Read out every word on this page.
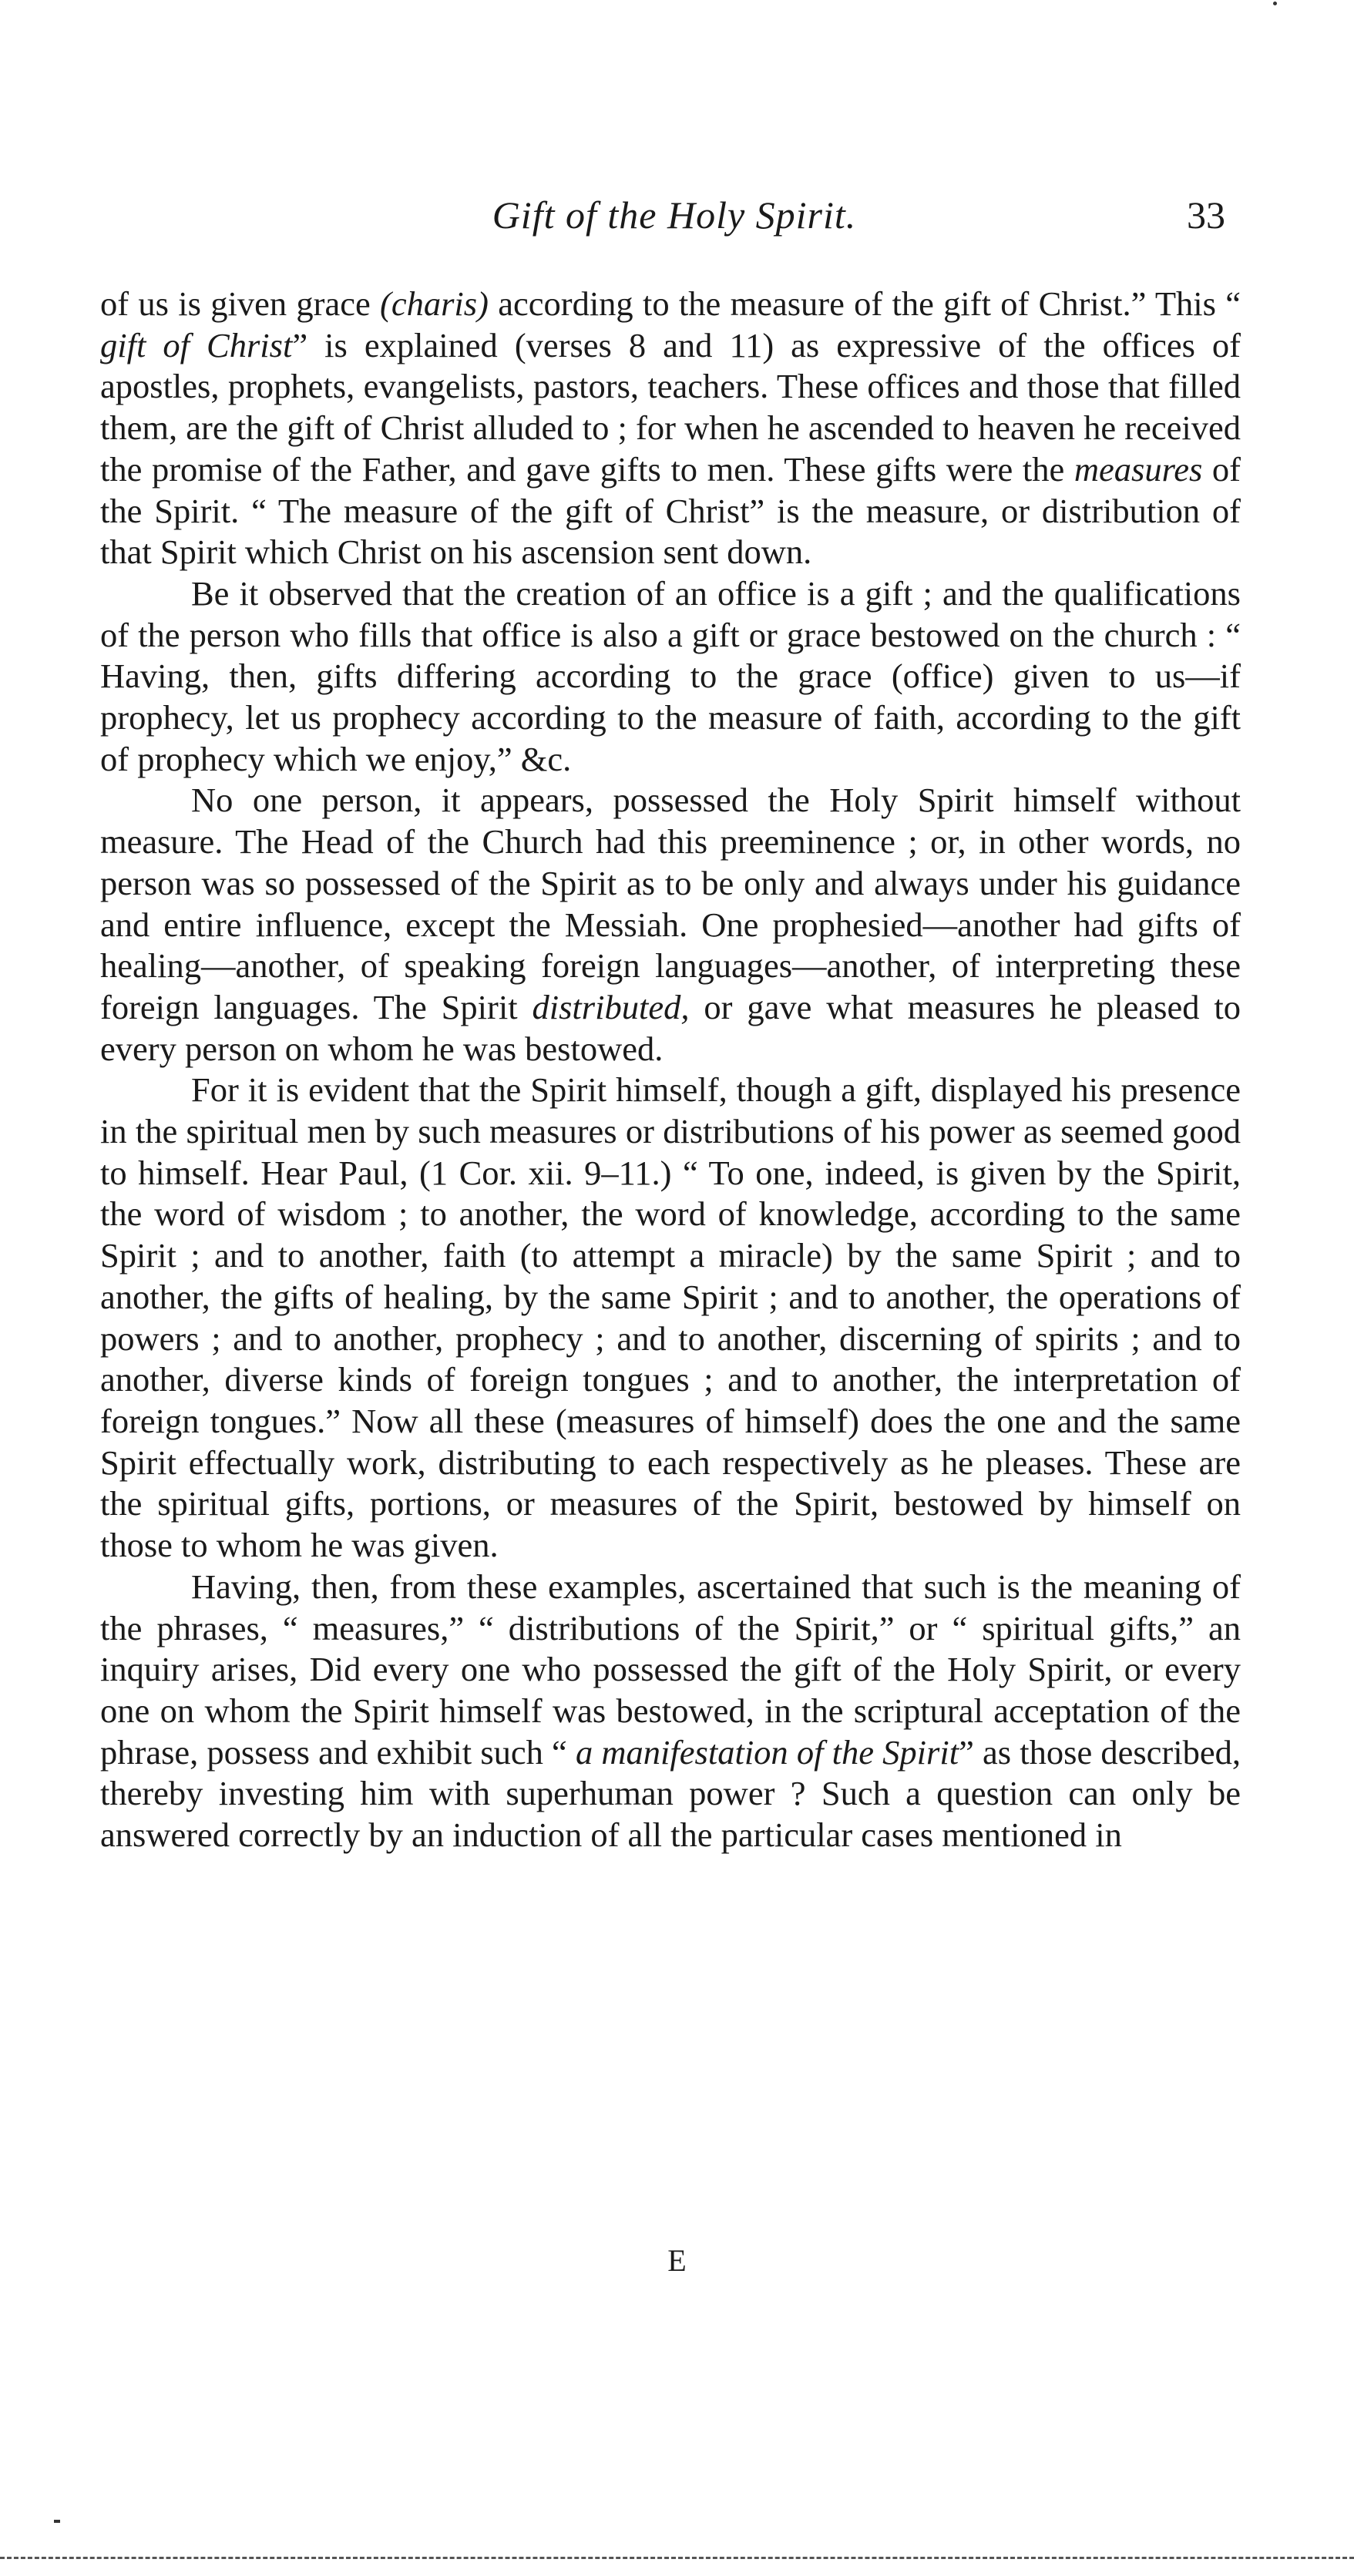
Gift of the Holy Spirit.	33

of us is given grace (charis) according to the measure of the gift of Christ.” This “ gift of Christ” is explained (verses 8 and 11) as expressive of the offices of apostles, prophets, evangelists, pastors, teachers. These offices and those that filled them, are the gift of Christ alluded to ; for when he ascended to heaven he received the promise of the Father, and gave gifts to men. These gifts were the measures of the Spirit. “ The measure of the gift of Christ” is the measure, or distribution of that Spirit which Christ on his ascension sent down.

Be it observed that the creation of an office is a gift ; and the qualifications of the person who fills that office is also a gift or grace bestowed on the church : “ Having, then, gifts differing according to the grace (office) given to us—if prophecy, let us prophecy according to the measure of faith, according to the gift of prophecy which we enjoy,” &c.

No one person, it appears, possessed the Holy Spirit himself without measure. The Head of the Church had this preeminence ; or, in other words, no person was so possessed of the Spirit as to be only and always under his guidance and entire influence, except the Messiah. One prophesied—another had gifts of healing—another, of speaking foreign languages—another, of interpreting these foreign languages. The Spirit distributed, or gave what measures he pleased to every person on whom he was bestowed.

For it is evident that the Spirit himself, though a gift, displayed his presence in the spiritual men by such measures or distributions of his power as seemed good to himself. Hear Paul, (1 Cor. xii. 9–11.) “ To one, indeed, is given by the Spirit, the word of wisdom ; to another, the word of knowledge, according to the same Spirit ; and to another, faith (to attempt a miracle) by the same Spirit ; and to another, the gifts of healing, by the same Spirit ; and to another, the operations of powers ; and to another, prophecy ; and to another, discerning of spirits ; and to another, diverse kinds of foreign tongues ; and to another, the interpretation of foreign tongues.” Now all these (measures of himself) does the one and the same Spirit effectually work, distributing to each respectively as he pleases. These are the spiritual gifts, portions, or measures of the Spirit, bestowed by himself on those to whom he was given.

Having, then, from these examples, ascertained that such is the meaning of the phrases, “ measures,” “ distributions of the Spirit,” or “ spiritual gifts,” an inquiry arises, Did every one who possessed the gift of the Holy Spirit, or every one on whom the Spirit himself was bestowed, in the scriptural acceptation of the phrase, possess and exhibit such “ a manifestation of the Spirit” as those described, thereby investing him with superhuman power ? Such a question can only be answered correctly by an induction of all the particular cases mentioned in

E
